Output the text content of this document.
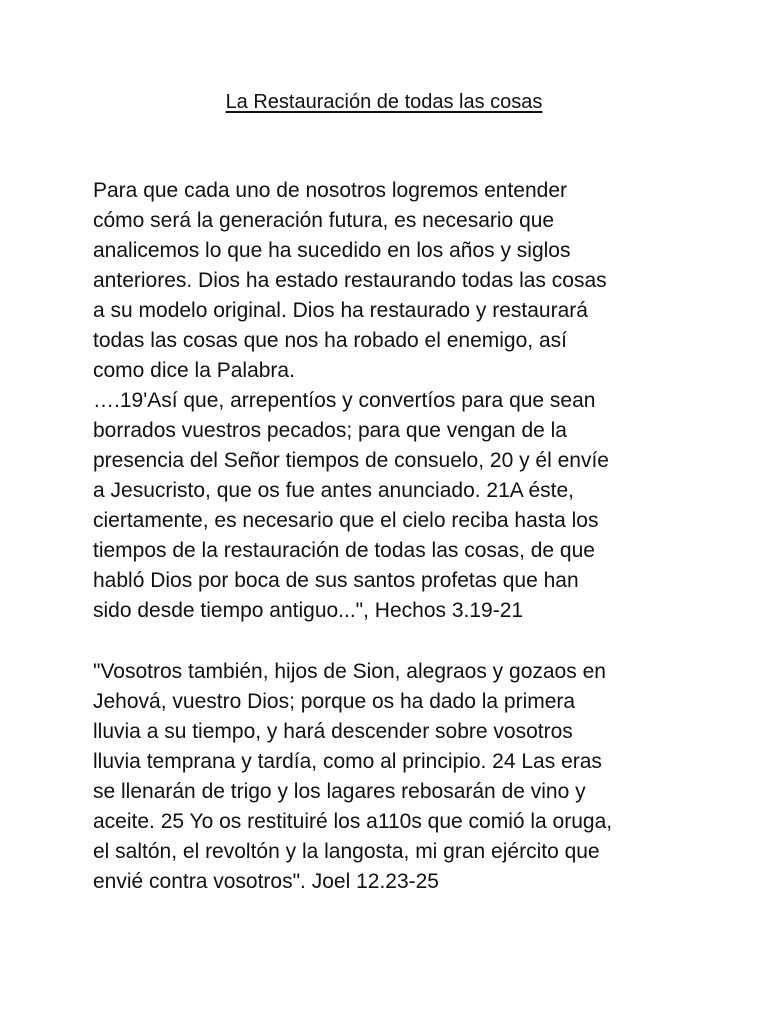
La Restauración de todas las cosas
Para que cada uno de nosotros logremos entender
cómo será la generación futura, es necesario que
analicemos lo que ha sucedido en los años y siglos
anteriores. Dios ha estado restaurando todas las cosas
a su modelo original. Dios ha restaurado y restaurará
todas las cosas que nos ha robado el enemigo, así
como dice la Palabra.
….19'Así que, arrepentíos y convertíos para que sean
borrados vuestros pecados; para que vengan de la
presencia del Señor tiempos de consuelo, 20 y él envíe
a Jesucristo, que os fue antes anunciado. 21A éste,
ciertamente, es necesario que el cielo reciba hasta los
tiempos de la restauración de todas las cosas, de que
habló Dios por boca de sus santos profetas que han
sido desde tiempo antiguo...", Hechos 3.19-21
"Vosotros también, hijos de Sion, alegraos y gozaos en
Jehová, vuestro Dios; porque os ha dado la primera
lluvia a su tiempo, y hará descender sobre vosotros
lluvia temprana y tardía, como al principio. 24 Las eras
se llenarán de trigo y los lagares rebosarán de vino y
aceite. 25 Yo os restituiré los a110s que comió la oruga,
el saltón, el revoltón y la langosta, mi gran ejército que
envié contra vosotros". Joel 12.23-25
